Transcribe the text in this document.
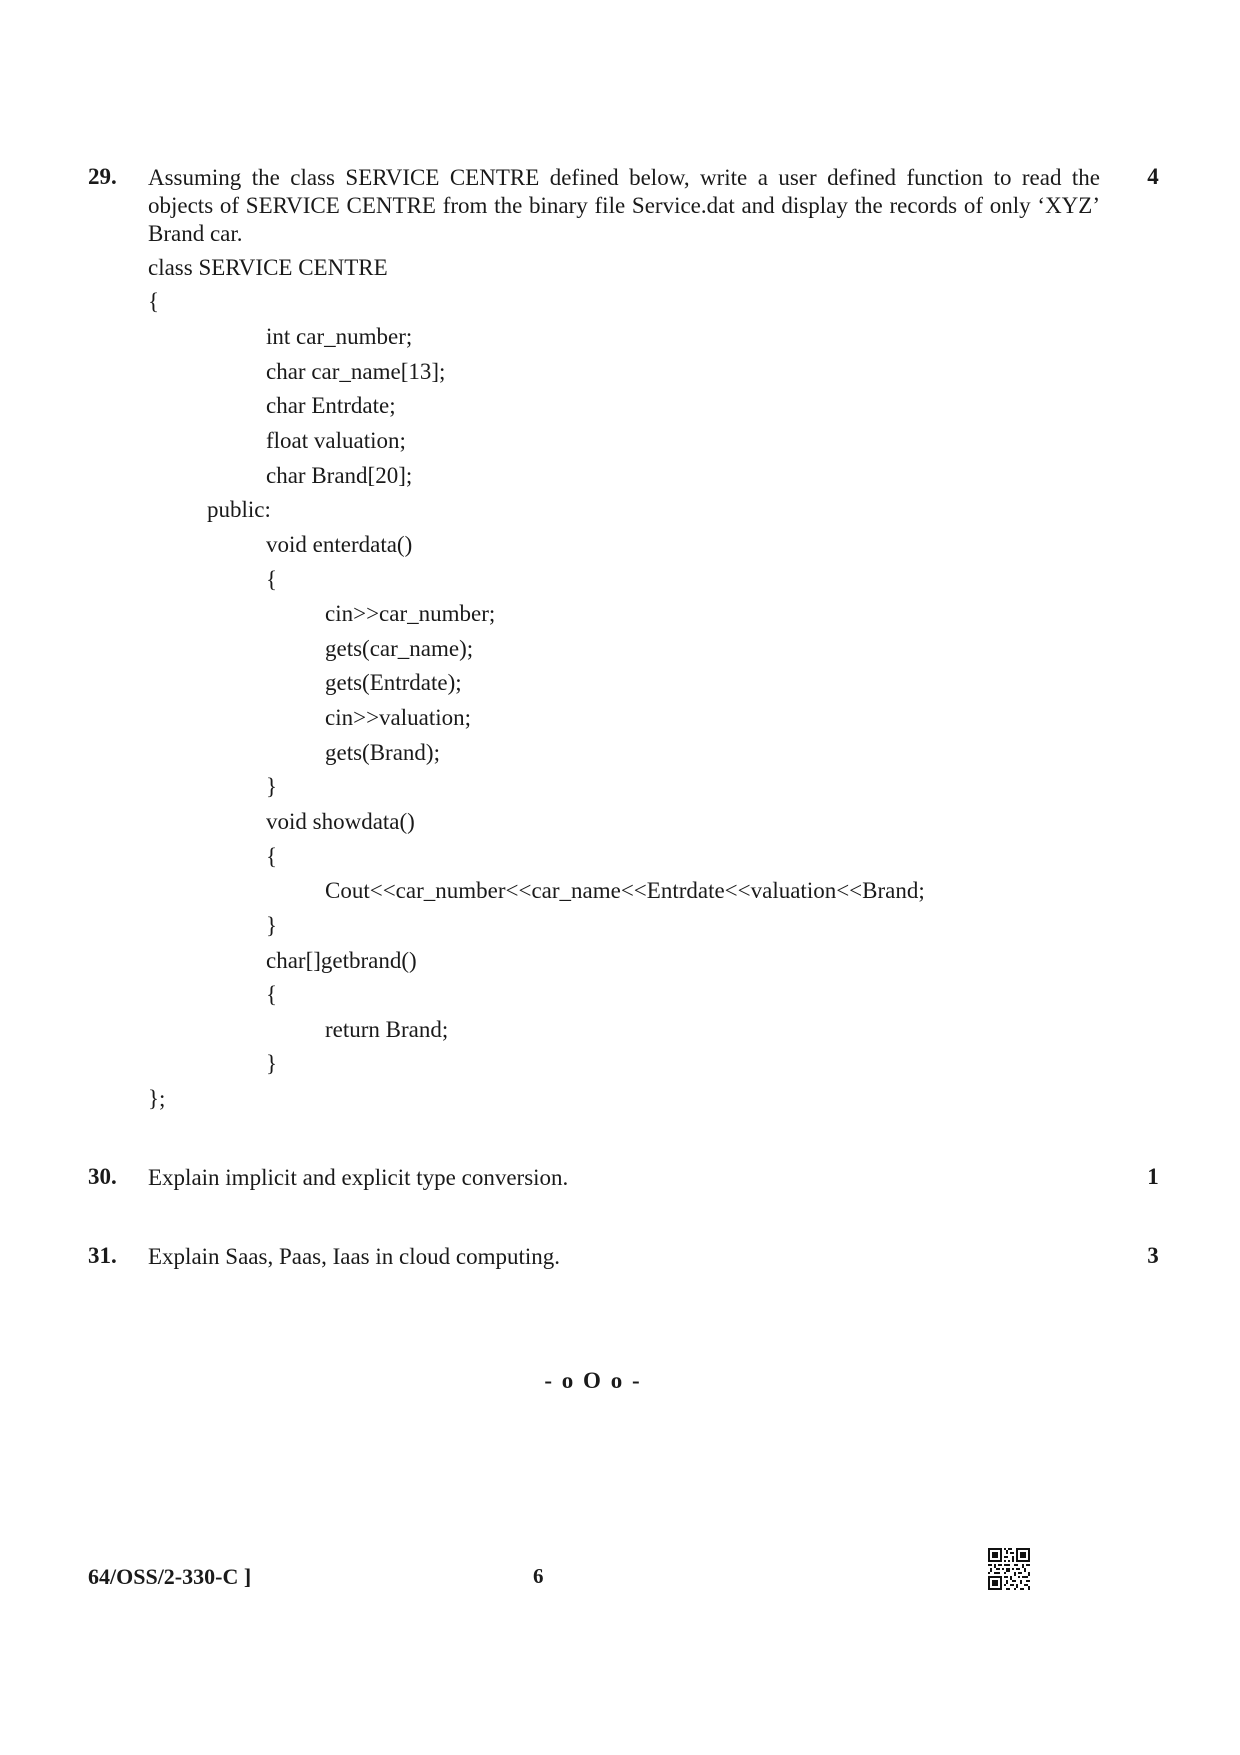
29.	4
Assuming the class SERVICE CENTRE defined below, write a user defined function to read the objects of SERVICE CENTRE from the binary file Service.dat and display the records of only ‘XYZ’ Brand car.
class SERVICE CENTRE
{
int car_number;
char car_name[13];
char Entrdate;
float valuation;
char Brand[20];
public:
void enterdata()
{
cin>>car_number;
gets(car_name);
gets(Entrdate);
cin>>valuation;
gets(Brand);
}
void showdata()
{
Cout<<car_number<<car_name<<Entrdate<<valuation<<Brand;
}
char[]getbrand()
{
return Brand;
}
};
30. Explain implicit and explicit type conversion.	1
31. Explain Saas, Paas, Iaas in cloud computing.	3
- o O o -
64/OSS/2-330-C ]	6
